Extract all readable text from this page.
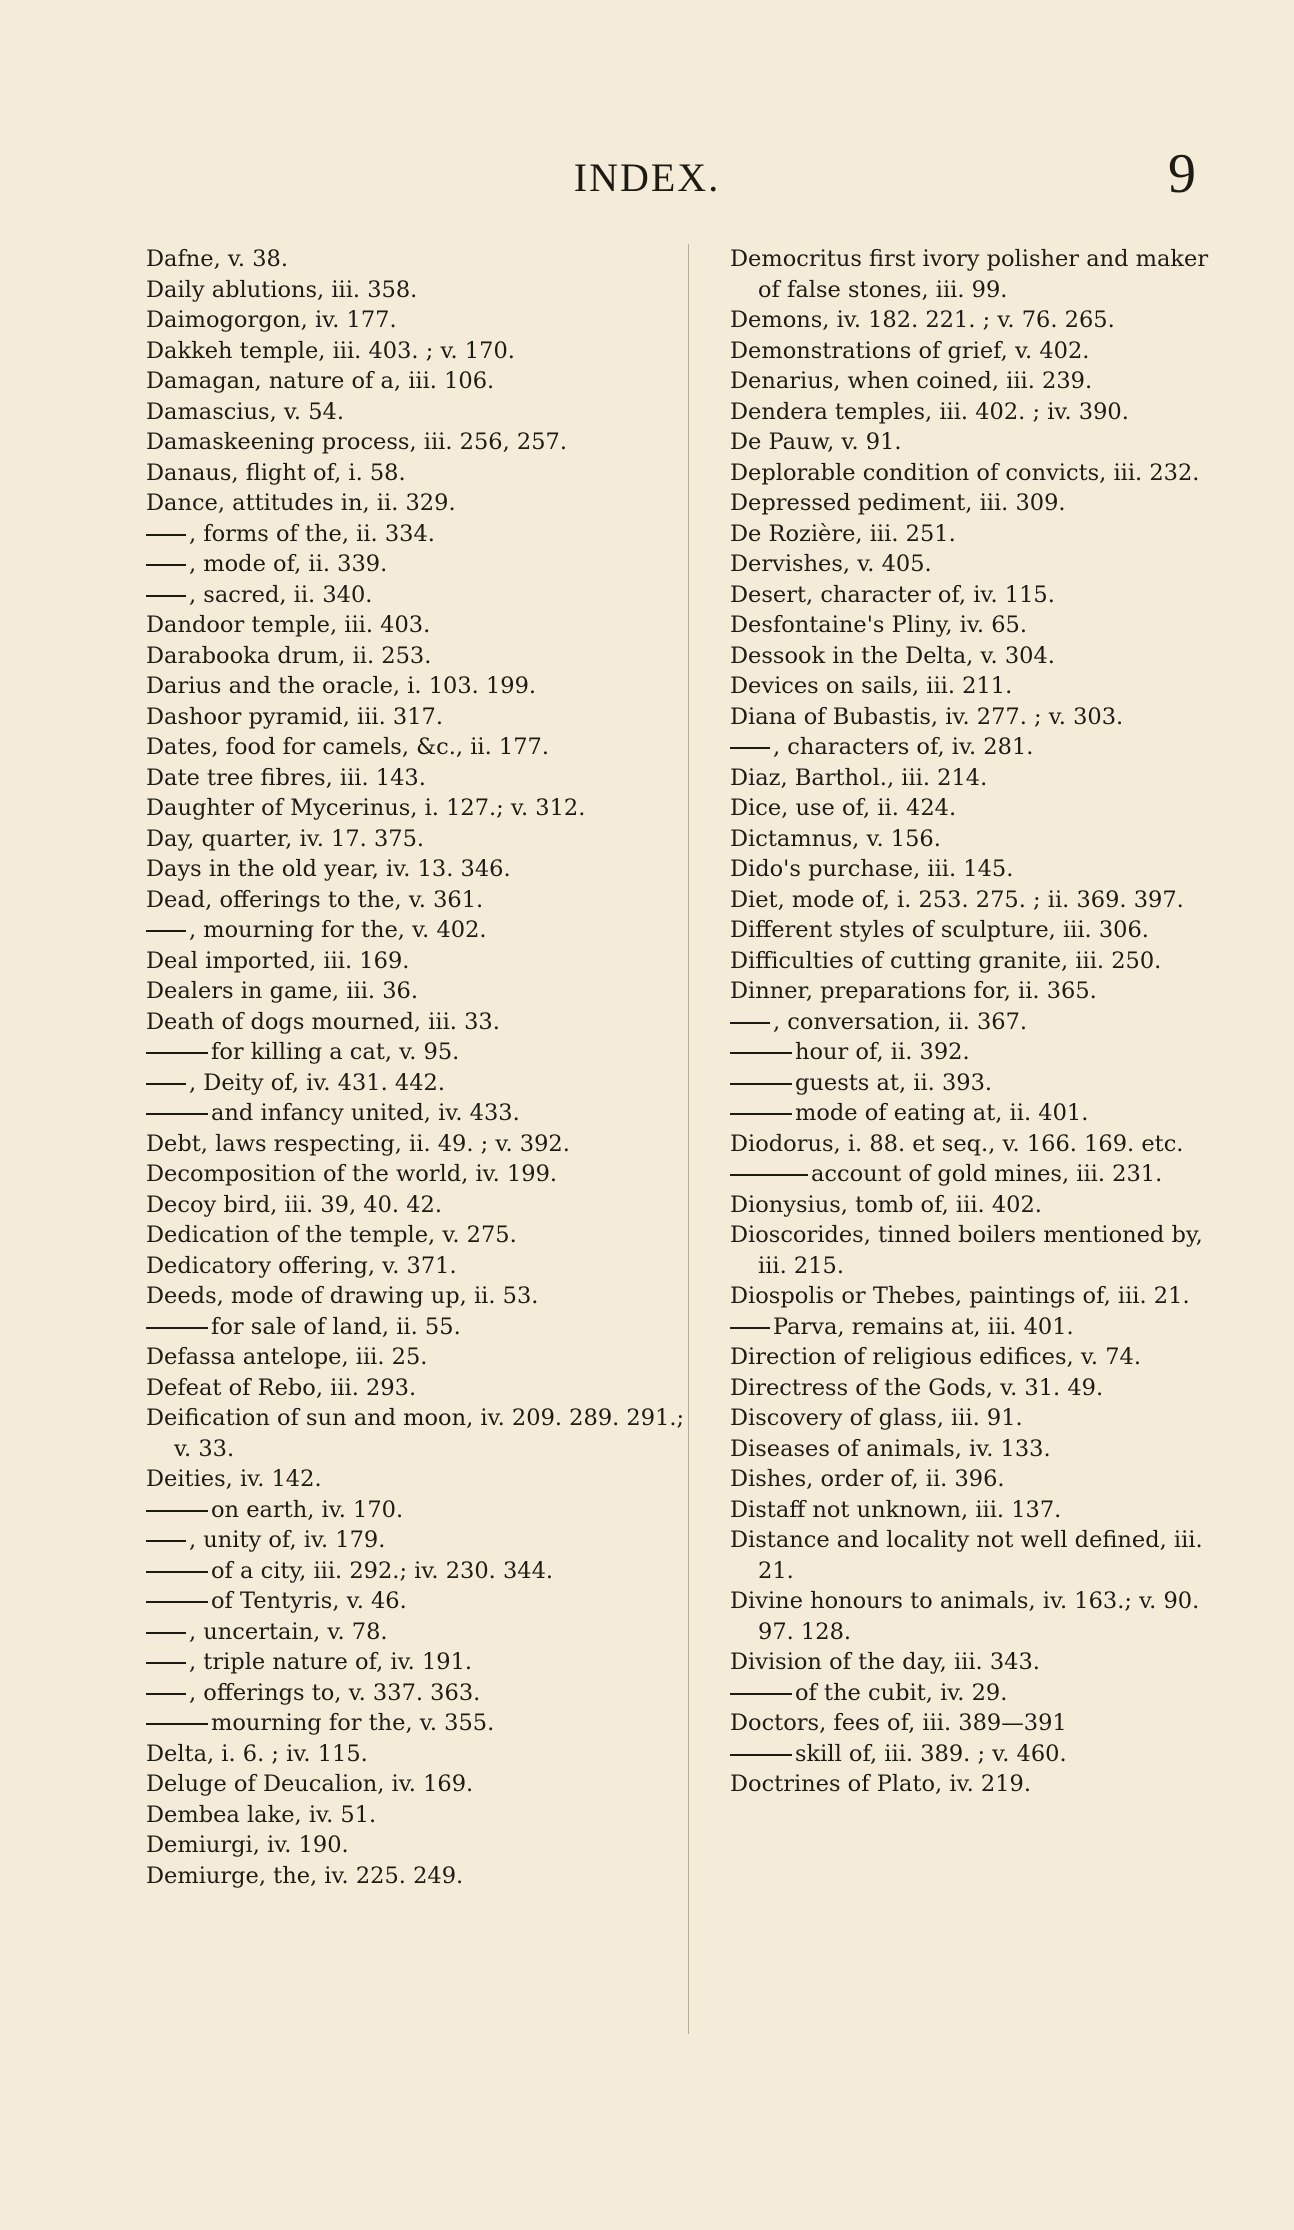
INDEX.	9
Dafne, v. 38.
Daily ablutions, iii. 358.
Daimogorgon, iv. 177.
Dakkeh temple, iii. 403. ; v. 170.
Damagan, nature of a, iii. 106.
Damascius, v. 54.
Damaskeening process, iii. 256, 257.
Danaus, flight of, i. 58.
Dance, attitudes in, ii. 329.
, forms of the, ii. 334.
, mode of, ii. 339.
, sacred, ii. 340.
Dandoor temple, iii. 403.
Darabooka drum, ii. 253.
Darius and the oracle, i. 103. 199.
Dashoor pyramid, iii. 317.
Dates, food for camels, &c., ii. 177.
Date tree fibres, iii. 143.
Daughter of Mycerinus, i. 127.; v. 312.
Day, quarter, iv. 17. 375.
Days in the old year, iv. 13. 346.
Dead, offerings to the, v. 361.
, mourning for the, v. 402.
Deal imported, iii. 169.
Dealers in game, iii. 36.
Death of dogs mourned, iii. 33.
for killing a cat, v. 95.
, Deity of, iv. 431. 442.
and infancy united, iv. 433.
Debt, laws respecting, ii. 49. ; v. 392.
Decomposition of the world, iv. 199.
Decoy bird, iii. 39, 40. 42.
Dedication of the temple, v. 275.
Dedicatory offering, v. 371.
Deeds, mode of drawing up, ii. 53.
for sale of land, ii. 55.
Defassa antelope, iii. 25.
Defeat of Rebo, iii. 293.
Deification of sun and moon, iv. 209. 289. 291.; v. 33.
Deities, iv. 142.
on earth, iv. 170.
, unity of, iv. 179.
of a city, iii. 292.; iv. 230. 344.
of Tentyris, v. 46.
, uncertain, v. 78.
, triple nature of, iv. 191.
, offerings to, v. 337. 363.
mourning for the, v. 355.
Delta, i. 6. ; iv. 115.
Deluge of Deucalion, iv. 169.
Dembea lake, iv. 51.
Demiurgi, iv. 190.
Demiurge, the, iv. 225. 249.
Democritus first ivory polisher and maker of false stones, iii. 99.
Demons, iv. 182. 221. ; v. 76. 265.
Demonstrations of grief, v. 402.
Denarius, when coined, iii. 239.
Dendera temples, iii. 402. ; iv. 390.
De Pauw, v. 91.
Deplorable condition of convicts, iii. 232.
Depressed pediment, iii. 309.
De Rozière, iii. 251.
Dervishes, v. 405.
Desert, character of, iv. 115.
Desfontaine's Pliny, iv. 65.
Dessook in the Delta, v. 304.
Devices on sails, iii. 211.
Diana of Bubastis, iv. 277. ; v. 303.
, characters of, iv. 281.
Diaz, Barthol., iii. 214.
Dice, use of, ii. 424.
Dictamnus, v. 156.
Dido's purchase, iii. 145.
Diet, mode of, i. 253. 275. ; ii. 369. 397.
Different styles of sculpture, iii. 306.
Difficulties of cutting granite, iii. 250.
Dinner, preparations for, ii. 365.
, conversation, ii. 367.
hour of, ii. 392.
guests at, ii. 393.
mode of eating at, ii. 401.
Diodorus, i. 88. et seq., v. 166. 169. etc.
account of gold mines, iii. 231.
Dionysius, tomb of, iii. 402.
Dioscorides, tinned boilers mentioned by, iii. 215.
Diospolis or Thebes, paintings of, iii. 21.
Parva, remains at, iii. 401.
Direction of religious edifices, v. 74.
Directress of the Gods, v. 31. 49.
Discovery of glass, iii. 91.
Diseases of animals, iv. 133.
Dishes, order of, ii. 396.
Distaff not unknown, iii. 137.
Distance and locality not well defined, iii. 21.
Divine honours to animals, iv. 163.; v. 90. 97. 128.
Division of the day, iii. 343.
of the cubit, iv. 29.
Doctors, fees of, iii. 389—391
skill of, iii. 389. ; v. 460.
Doctrines of Plato, iv. 219.
